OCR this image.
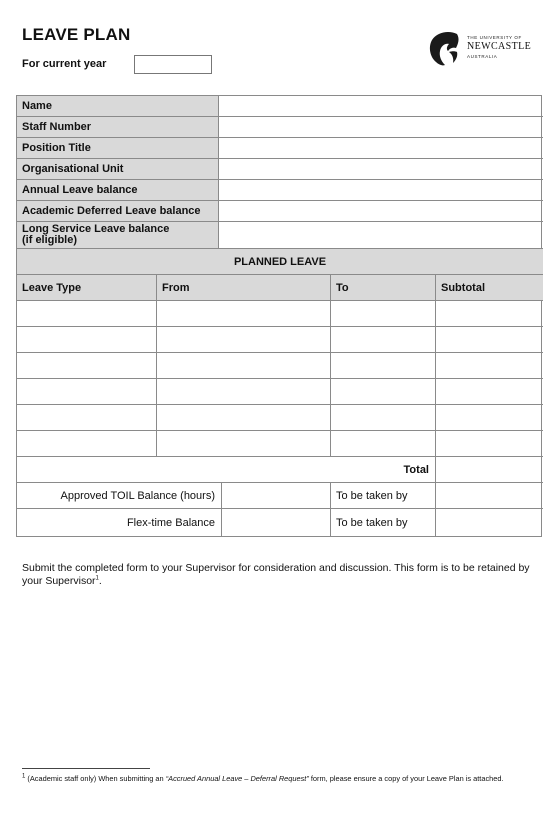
LEAVE PLAN
For current year
THE UNIVERSITY OF
NEWCASTLE
AUSTRALIA
Name
Staff Number
Position Title
Organisational Unit
Annual Leave balance
Academic Deferred Leave balance
Long Service Leave balance
(if eligible)
PLANNED LEAVE
Leave Type	From	To	Subtotal
Total
Approved TOIL Balance (hours)	To be taken by
Flex-time Balance	To be taken by
Submit the completed form to your Supervisor for consideration and discussion. This form is to be retained by your Supervisor$^1$.
$^1$ (Academic staff only) When submitting an “Accrued Annual Leave – Deferral Request” form, please ensure a copy of your Leave Plan is attached.
